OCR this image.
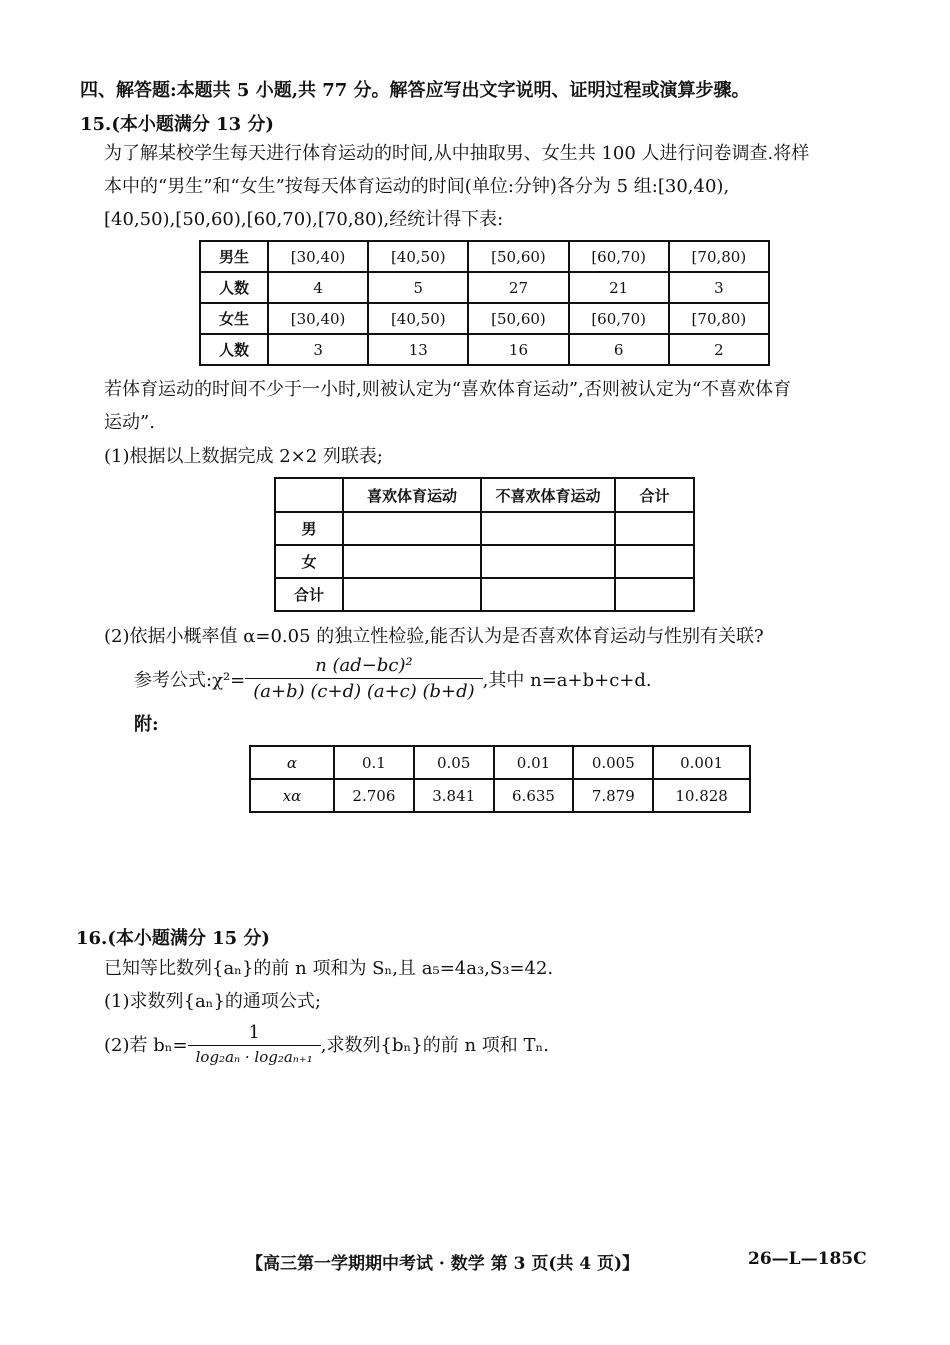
四、解答题:本题共 5 小题,共 77 分。解答应写出文字说明、证明过程或演算步骤。
15.(本小题满分 13 分)
为了解某校学生每天进行体育运动的时间,从中抽取男、女生共 100 人进行问卷调查.将样
本中的“男生”和“女生”按每天体育运动的时间(单位:分钟)各分为 5 组:[30,40),
[40,50),[50,60),[60,70),[70,80),经统计得下表:
男生	[30,40)	[40,50)	[50,60)	[60,70)	[70,80)
人数	4	5	27	21	3
女生	[30,40)	[40,50)	[50,60)	[60,70)	[70,80)
人数	3	13	16	6	2
若体育运动的时间不少于一小时,则被认定为“喜欢体育运动”,否则被认定为“不喜欢体育
运动”.
(1)根据以上数据完成 2×2 列联表;
	喜欢体育运动	不喜欢体育运动	合计
男			
女			
合计			
(2)依据小概率值 α=0.05 的独立性检验,能否认为是否喜欢体育运动与性别有关联?
参考公式:χ²= $\frac{\text{n (ad−bc)²}}{(a+b) (c+d) (a+c) (b+d)}$ ,其中 n=a+b+c+d.
附:
α	0.1	0.05	0.01	0.005	0.001
xα	2.706	3.841	6.635	7.879	10.828
16.(本小题满分 15 分)
已知等比数列{aₙ}的前 n 项和为 Sₙ,且 a₅=4a₃,S₃=42.
(1)求数列{aₙ}的通项公式;
(2)若 $b_n= \frac{1}{\text{log₂aₙ · log₂aₙ₊₁}}$ ,求数列{bₙ}的前 n 项和 Tₙ.
【高三第一学期期中考试 · 数学 第 3 页(共 4 页)】	26—L—185C
